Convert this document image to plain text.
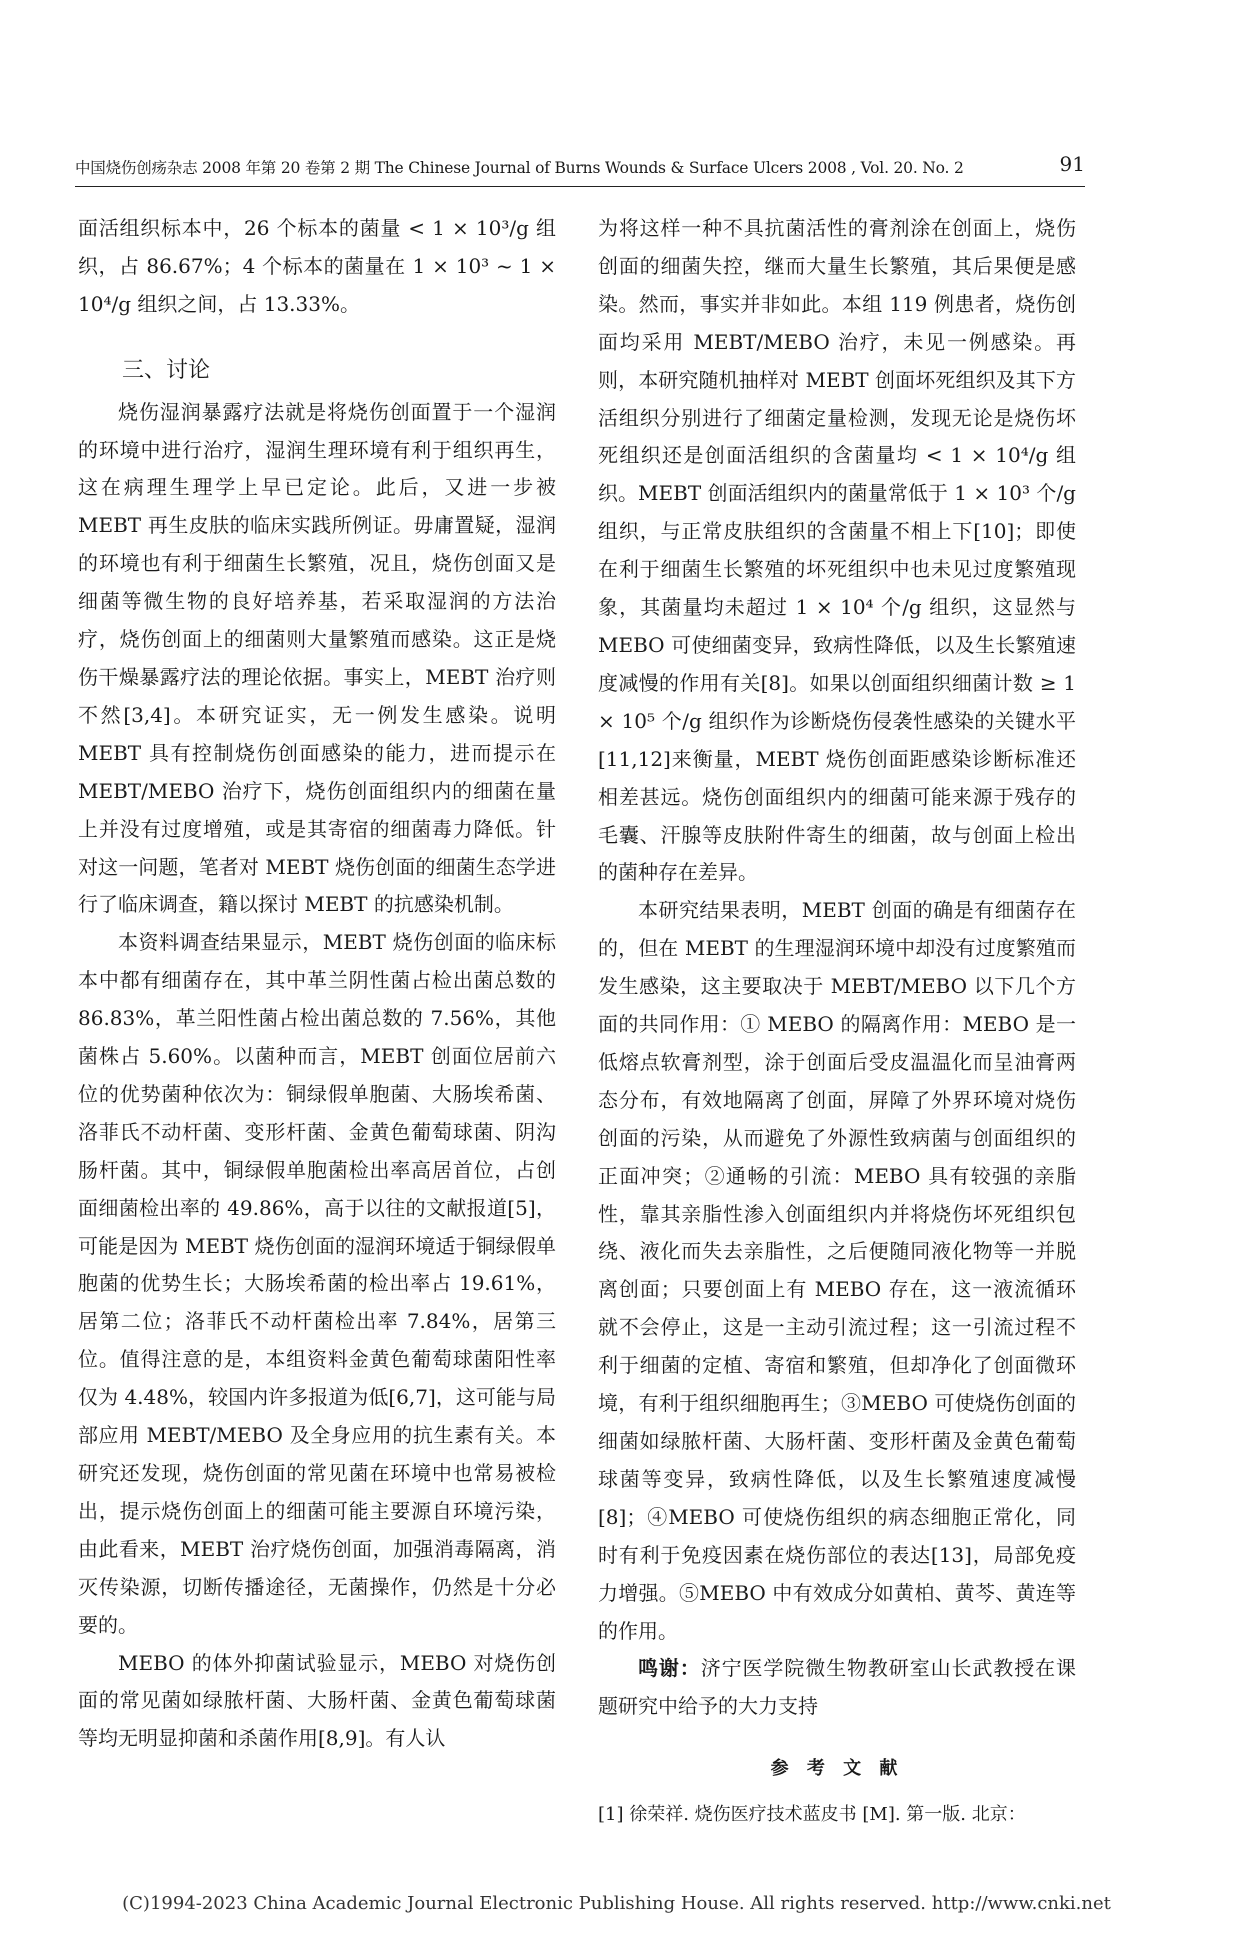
中国烧伤创疡杂志 2008 年第 20 卷第 2 期 The Chinese Journal of Burns Wounds & Surface Ulcers 2008 , Vol. 20. No. 2	91

面活组织标本中，26 个标本的菌量 < 1 × 10³/g 组织，占 86.67%；4 个标本的菌量在 1 × 10³ ~ 1 × 10⁴/g 组织之间，占 13.33%。

三、讨论

烧伤湿润暴露疗法就是将烧伤创面置于一个湿润的环境中进行治疗，湿润生理环境有利于组织再生，这在病理生理学上早已定论。此后，又进一步被 MEBT 再生皮肤的临床实践所例证。毋庸置疑，湿润的环境也有利于细菌生长繁殖，况且，烧伤创面又是细菌等微生物的良好培养基，若采取湿润的方法治疗，烧伤创面上的细菌则大量繁殖而感染。这正是烧伤干燥暴露疗法的理论依据。事实上，MEBT 治疗则不然[3,4]。本研究证实，无一例发生感染。说明 MEBT 具有控制烧伤创面感染的能力，进而提示在 MEBT/MEBO 治疗下，烧伤创面组织内的细菌在量上并没有过度增殖，或是其寄宿的细菌毒力降低。针对这一问题，笔者对 MEBT 烧伤创面的细菌生态学进行了临床调查，籍以探讨 MEBT 的抗感染机制。

本资料调查结果显示，MEBT 烧伤创面的临床标本中都有细菌存在，其中革兰阴性菌占检出菌总数的 86.83%，革兰阳性菌占检出菌总数的 7.56%，其他菌株占 5.60%。以菌种而言，MEBT 创面位居前六位的优势菌种依次为：铜绿假单胞菌、大肠埃希菌、洛菲氏不动杆菌、变形杆菌、金黄色葡萄球菌、阴沟肠杆菌。其中，铜绿假单胞菌检出率高居首位，占创面细菌检出率的 49.86%，高于以往的文献报道[5]，可能是因为 MEBT 烧伤创面的湿润环境适于铜绿假单胞菌的优势生长；大肠埃希菌的检出率占 19.61%，居第二位；洛菲氏不动杆菌检出率 7.84%，居第三位。值得注意的是，本组资料金黄色葡萄球菌阳性率仅为 4.48%，较国内许多报道为低[6,7]，这可能与局部应用 MEBT/MEBO 及全身应用的抗生素有关。本研究还发现，烧伤创面的常见菌在环境中也常易被检出，提示烧伤创面上的细菌可能主要源自环境污染，由此看来，MEBT 治疗烧伤创面，加强消毒隔离，消灭传染源，切断传播途径，无菌操作，仍然是十分必要的。

MEBO 的体外抑菌试验显示，MEBO 对烧伤创面的常见菌如绿脓杆菌、大肠杆菌、金黄色葡萄球菌等均无明显抑菌和杀菌作用[8,9]。有人认

为将这样一种不具抗菌活性的膏剂涂在创面上，烧伤创面的细菌失控，继而大量生长繁殖，其后果便是感染。然而，事实并非如此。本组 119 例患者，烧伤创面均采用 MEBT/MEBO 治疗，未见一例感染。再则，本研究随机抽样对 MEBT 创面坏死组织及其下方活组织分别进行了细菌定量检测，发现无论是烧伤坏死组织还是创面活组织的含菌量均 < 1 × 10⁴/g 组织。MEBT 创面活组织内的菌量常低于 1 × 10³ 个/g 组织，与正常皮肤组织的含菌量不相上下[10]；即使在利于细菌生长繁殖的坏死组织中也未见过度繁殖现象，其菌量均未超过 1 × 10⁴ 个/g 组织，这显然与 MEBO 可使细菌变异，致病性降低，以及生长繁殖速度减慢的作用有关[8]。如果以创面组织细菌计数 ≥ 1 × 10⁵ 个/g 组织作为诊断烧伤侵袭性感染的关键水平[11,12]来衡量，MEBT 烧伤创面距感染诊断标准还相差甚远。烧伤创面组织内的细菌可能来源于残存的毛囊、汗腺等皮肤附件寄生的细菌，故与创面上检出的菌种存在差异。

本研究结果表明，MEBT 创面的确是有细菌存在的，但在 MEBT 的生理湿润环境中却没有过度繁殖而发生感染，这主要取决于 MEBT/MEBO 以下几个方面的共同作用：① MEBO 的隔离作用：MEBO 是一低熔点软膏剂型，涂于创面后受皮温温化而呈油膏两态分布，有效地隔离了创面，屏障了外界环境对烧伤创面的污染，从而避免了外源性致病菌与创面组织的正面冲突；②通畅的引流：MEBO 具有较强的亲脂性，靠其亲脂性渗入创面组织内并将烧伤坏死组织包绕、液化而失去亲脂性，之后便随同液化物等一并脱离创面；只要创面上有 MEBO 存在，这一液流循环就不会停止，这是一主动引流过程；这一引流过程不利于细菌的定植、寄宿和繁殖，但却净化了创面微环境，有利于组织细胞再生；③MEBO 可使烧伤创面的细菌如绿脓杆菌、大肠杆菌、变形杆菌及金黄色葡萄球菌等变异，致病性降低，以及生长繁殖速度减慢[8]；④MEBO 可使烧伤组织的病态细胞正常化，同时有利于免疫因素在烧伤部位的表达[13]，局部免疫力增强。⑤MEBO 中有效成分如黄柏、黄芩、黄连等的作用。

鸣谢：济宁医学院微生物教研室山长武教授在课题研究中给予的大力支持

参 考 文 献

[1] 徐荣祥. 烧伤医疗技术蓝皮书 [M]. 第一版. 北京：

(C)1994-2023 China Academic Journal Electronic Publishing House. All rights reserved. http://www.cnki.net
